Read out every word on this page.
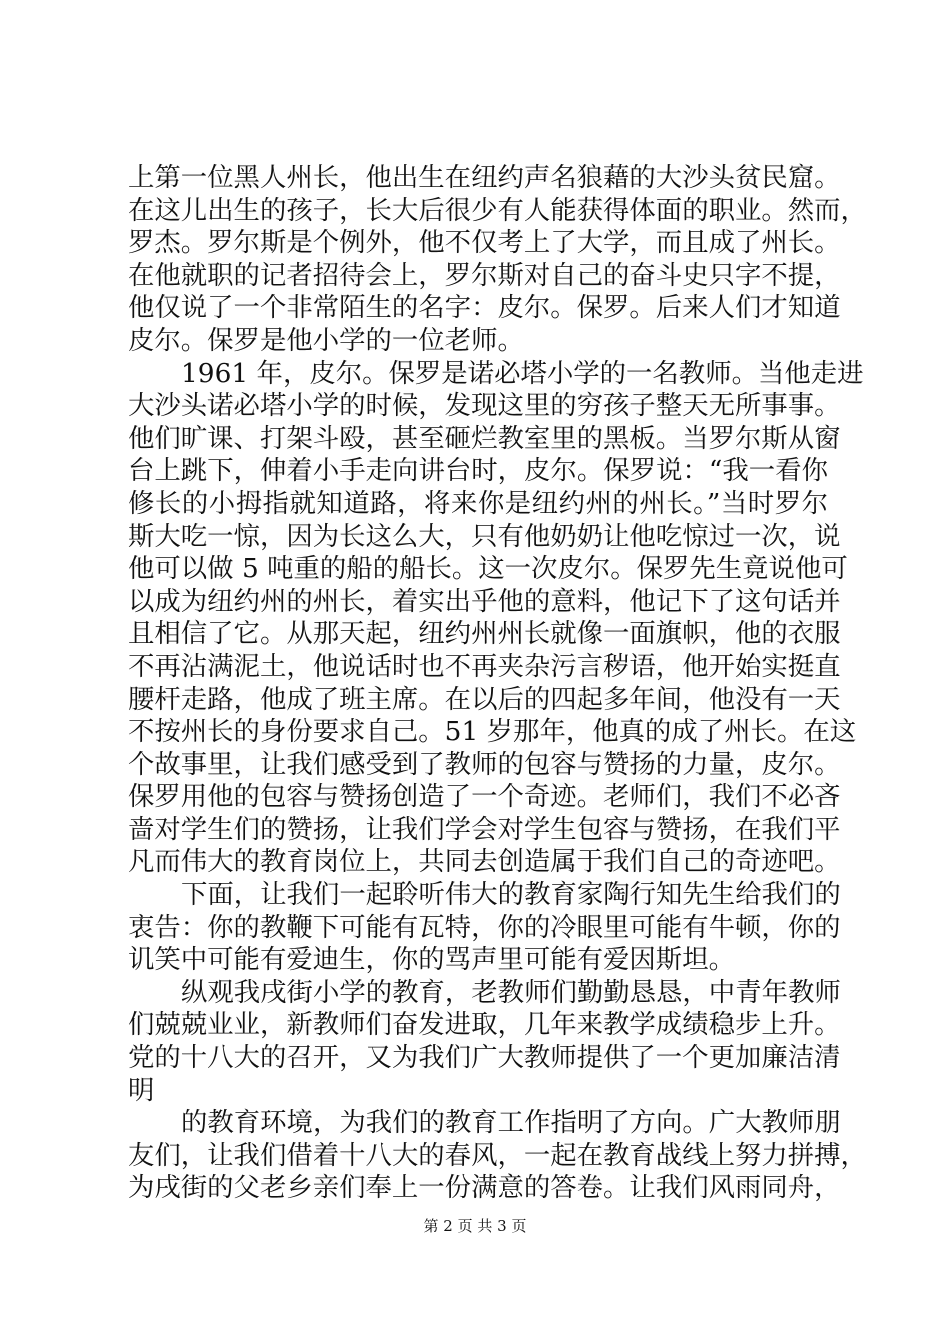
上第一位黑人州长，他出生在纽约声名狼藉的大沙头贫民窟。
在这儿出生的孩子，长大后很少有人能获得体面的职业。然而，
罗杰。罗尔斯是个例外，他不仅考上了大学，而且成了州长。
在他就职的记者招待会上，罗尔斯对自己的奋斗史只字不提，
他仅说了一个非常陌生的名字：皮尔。保罗。后来人们才知道
皮尔。保罗是他小学的一位老师。
1961 年，皮尔。保罗是诺必塔小学的一名教师。当他走进
大沙头诺必塔小学的时候，发现这里的穷孩子整天无所事事。
他们旷课、打架斗殴，甚至砸烂教室里的黑板。当罗尔斯从窗
台上跳下，伸着小手走向讲台时，皮尔。保罗说：“我一看你
修长的小拇指就知道路，将来你是纽约州的州长。”当时罗尔
斯大吃一惊，因为长这么大，只有他奶奶让他吃惊过一次，说
他可以做 5 吨重的船的船长。这一次皮尔。保罗先生竟说他可
以成为纽约州的州长，着实出乎他的意料，他记下了这句话并
且相信了它。从那天起，纽约州州长就像一面旗帜，他的衣服
不再沾满泥土，他说话时也不再夹杂污言秽语，他开始实挺直
腰杆走路，他成了班主席。在以后的四起多年间，他没有一天
不按州长的身份要求自己。51 岁那年，他真的成了州长。在这
个故事里，让我们感受到了教师的包容与赞扬的力量，皮尔。
保罗用他的包容与赞扬创造了一个奇迹。老师们，我们不必吝
啬对学生们的赞扬，让我们学会对学生包容与赞扬，在我们平
凡而伟大的教育岗位上，共同去创造属于我们自己的奇迹吧。
下面，让我们一起聆听伟大的教育家陶行知先生给我们的
衷告：你的教鞭下可能有瓦特，你的冷眼里可能有牛顿，你的
讥笑中可能有爱迪生，你的骂声里可能有爱因斯坦。
纵观我戌街小学的教育，老教师们勤勤恳恳，中青年教师
们兢兢业业，新教师们奋发进取，几年来教学成绩稳步上升。
党的十八大的召开，又为我们广大教师提供了一个更加廉洁清
明
的教育环境，为我们的教育工作指明了方向。广大教师朋
友们，让我们借着十八大的春风，一起在教育战线上努力拼搏，
为戌街的父老乡亲们奉上一份满意的答卷。让我们风雨同舟，
第 2 页 共 3 页
